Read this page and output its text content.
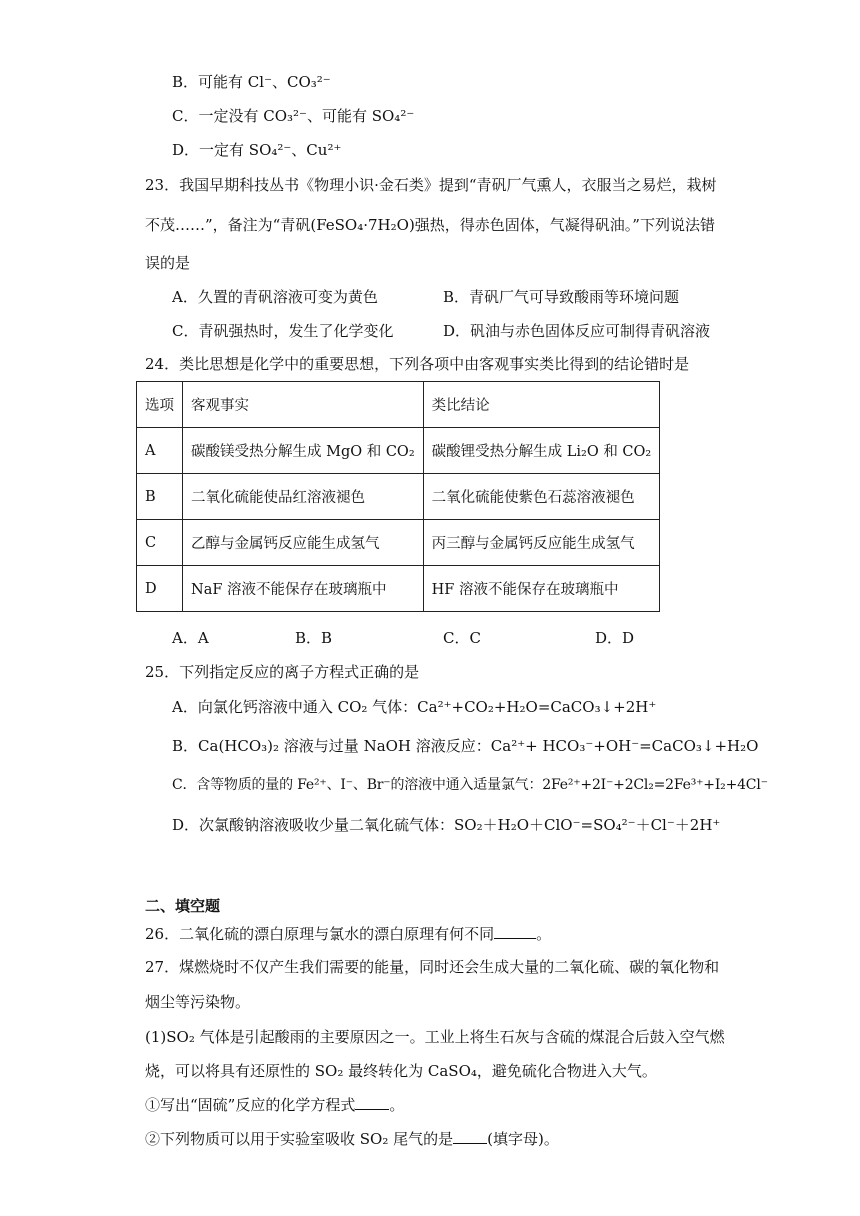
B．可能有 Cl⁻、CO₃²⁻
C．一定没有 CO₃²⁻、可能有 SO₄²⁻
D．一定有 SO₄²⁻、Cu²⁺
23．我国早期科技丛书《物理小识·金石类》提到“青矾厂气熏人，衣服当之易烂，栽树
不茂……”，备注为“青矾(FeSO₄·7H₂O)强热，得赤色固体，气凝得矾油。”下列说法错
误的是
A．久置的青矾溶液可变为黄色	B．青矾厂气可导致酸雨等环境问题
C．青矾强热时，发生了化学变化	D．矾油与赤色固体反应可制得青矾溶液
24．类比思想是化学中的重要思想，下列各项中由客观事实类比得到的结论错时是
选项	客观事实	类比结论
A	碳酸镁受热分解生成 MgO 和 CO₂	碳酸锂受热分解生成 Li₂O 和 CO₂
B	二氧化硫能使品红溶液褪色	二氧化硫能使紫色石蕊溶液褪色
C	乙醇与金属钙反应能生成氢气	丙三醇与金属钙反应能生成氢气
D	NaF 溶液不能保存在玻璃瓶中	HF 溶液不能保存在玻璃瓶中
A．A	B．B	C．C	D．D
25．下列指定反应的离子方程式正确的是
A．向氯化钙溶液中通入 CO₂ 气体：Ca²⁺+CO₂+H₂O=CaCO₃↓+2H⁺
B．Ca(HCO₃)₂ 溶液与过量 NaOH 溶液反应：Ca²⁺+ HCO₃⁻+OH⁻=CaCO₃↓+H₂O
C．含等物质的量的 Fe²⁺、I⁻、Br⁻的溶液中通入适量氯气：2Fe²⁺+2I⁻+2Cl₂=2Fe³⁺+I₂+4Cl⁻
D．次氯酸钠溶液吸收少量二氧化硫气体：SO₂＋H₂O＋ClO⁻=SO₄²⁻＋Cl⁻＋2H⁺
二、填空题
26．二氧化硫的漂白原理与氯水的漂白原理有何不同	。
27．煤燃烧时不仅产生我们需要的能量，同时还会生成大量的二氧化硫、碳的氧化物和
烟尘等污染物。
(1)SO₂ 气体是引起酸雨的主要原因之一。工业上将生石灰与含硫的煤混合后鼓入空气燃
烧，可以将具有还原性的 SO₂ 最终转化为 CaSO₄，避免硫化合物进入大气。
①写出“固硫”反应的化学方程式 。
②下列物质可以用于实验室吸收 SO₂ 尾气的是 (填字母)。
